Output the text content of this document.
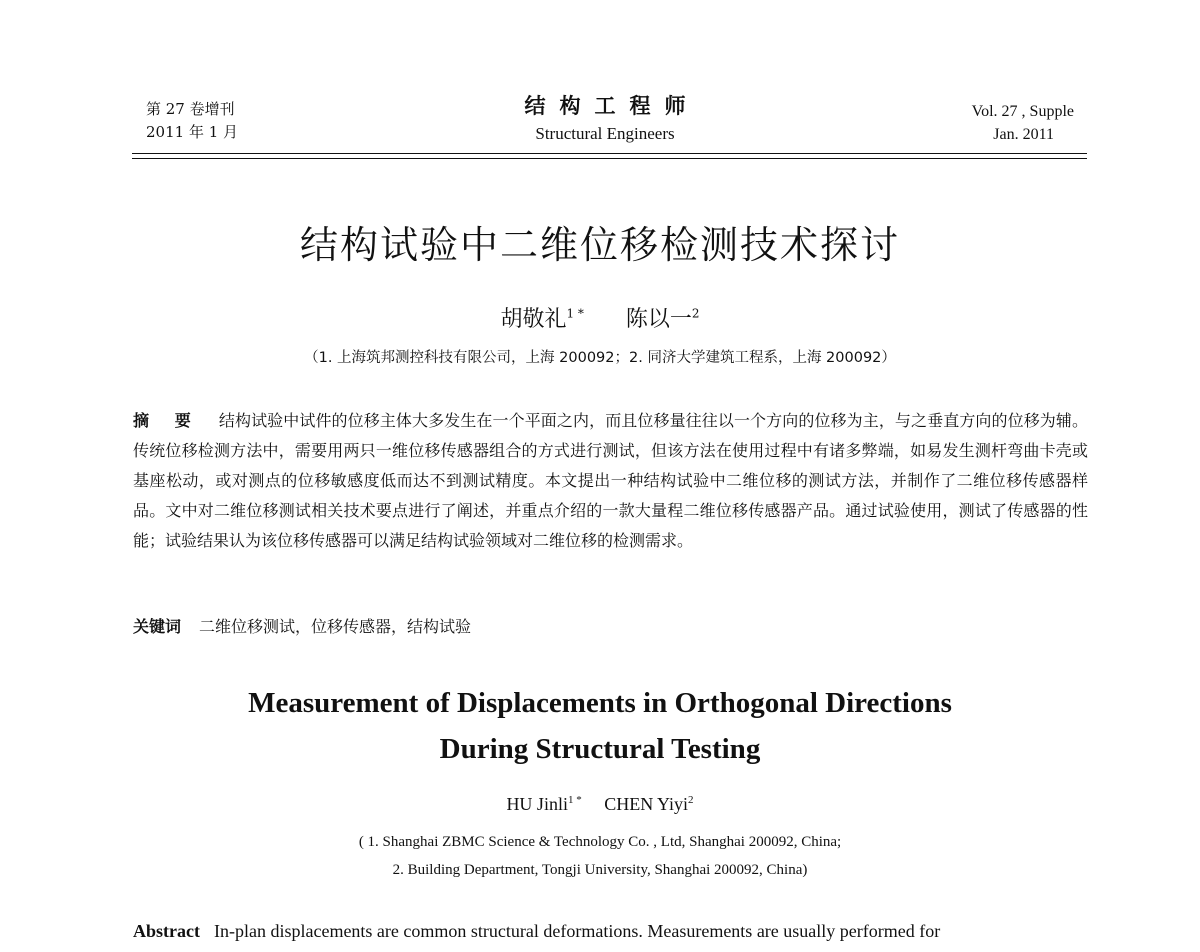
第 27 卷增刊
2011 年 1 月
结构工程师
Structural Engineers
Vol. 27 , Supple
Jan. 2011
结构试验中二维位移检测技术探讨
胡敬礼$^{1 *}$ 陈以一$^2$
（1. 上海筑邦测控科技有限公司，上海 200092；2. 同济大学建筑工程系，上海 200092）
摘 要 结构试验中试件的位移主体大多发生在一个平面之内，而且位移量往往以一个方向的位移为主，与之垂直方向的位移为辅。传统位移检测方法中，需要用两只一维位移传感器组合的方式进行测试，但该方法在使用过程中有诸多弊端，如易发生测杆弯曲卡壳或基座松动，或对测点的位移敏感度低而达不到测试精度。本文提出一种结构试验中二维位移的测试方法，并制作了二维位移传感器样品。文中对二维位移测试相关技术要点进行了阐述，并重点介绍的一款大量程二维位移传感器产品。通过试验使用，测试了传感器的性能；试验结果认为该位移传感器可以满足结构试验领域对二维位移的检测需求。
关键词 二维位移测试，位移传感器，结构试验
Measurement of Displacements in Orthogonal Directions
During Structural Testing
HU Jinli$^{1 *}$ CHEN Yiyi$^2$
( 1. Shanghai ZBMC Science & Technology Co. , Ltd, Shanghai 200092, China;
2. Building Department, Tongji University, Shanghai 200092, China)
Abstract In-plan displacements are common structural deformations. Measurements are usually performed for
